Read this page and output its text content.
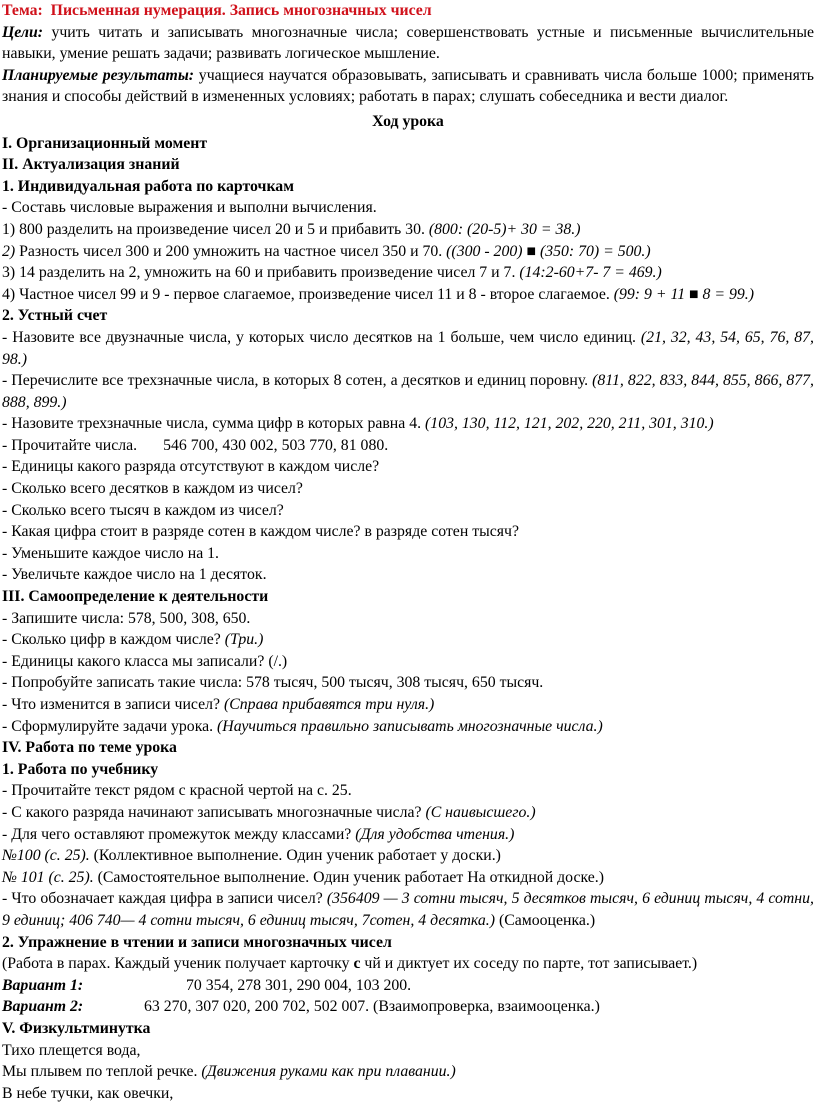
Тема: Письменная нумерация. Запись многозначных чисел

Цели: учить читать и записывать многозначные числа; совершенствовать устные и письменные вычислительные навыки, умение решать задачи; развивать логическое мышление.

Планируемые результаты: учащиеся научатся образовывать, записывать и сравнивать числа больше 1000; применять знания и способы действий в измененных условиях; работать в парах; слушать собеседника и вести диалог.

Ход урока

I. Организационный момент

II. Актуализация знаний

1. Индивидуальная работа по карточкам

- Составь числовые выражения и выполни вычисления.

1) 800 разделить на произведение чисел 20 и 5 и прибавить 30. (800: (20-5)+ 30 = 38.)

2) Разность чисел 300 и 200 умножить на частное чисел 350 и 70. ((300 - 200) ■ (350: 70) = 500.)

3) 14 разделить на 2, умножить на 60 и прибавить произведение чисел 7 и 7. (14:2-60+7- 7 = 469.)

4) Частное чисел 99 и 9 - первое слагаемое, произведение чисел 11 и 8 - второе слагаемое. (99: 9 + 11 ■ 8 = 99.)

2. Устный счет

- Назовите все двузначные числа, у которых число десятков на 1 больше, чем число единиц. (21, 32, 43, 54, 65, 76, 87, 98.)

- Перечислите все трехзначные числа, в которых 8 сотен, а десятков и единиц поровну. (811, 822, 833, 844, 855, 866, 877, 888, 899.)

- Назовите трехзначные числа, сумма цифр в которых равна 4. (103, 130, 112, 121, 202, 220, 211, 301, 310.)

- Прочитайте числа. 546 700, 430 002, 503 770, 81 080.

- Единицы какого разряда отсутствуют в каждом числе?

- Сколько всего десятков в каждом из чисел?

- Сколько всего тысяч в каждом из чисел?

- Какая цифра стоит в разряде сотен в каждом числе? в разряде сотен тысяч?

- Уменьшите каждое число на 1.

- Увеличьте каждое число на 1 десяток.

III. Самоопределение к деятельности

- Запишите числа: 578, 500, 308, 650.

- Сколько цифр в каждом числе? (Три.)

- Единицы какого класса мы записали? (/.)

- Попробуйте записать такие числа: 578 тысяч, 500 тысяч, 308 тысяч, 650 тысяч.

- Что изменится в записи чисел? (Справа прибавятся три нуля.)

- Сформулируйте задачи урока. (Научиться правильно записывать многозначные числа.)

IV. Работа по теме урока

1. Работа по учебнику

- Прочитайте текст рядом с красной чертой на с. 25.

- С какого разряда начинают записывать многозначные числа? (С наивысшего.)

- Для чего оставляют промежуток между классами? (Для удобства чтения.)

№100 (с. 25). (Коллективное выполнение. Один ученик работает у доски.)

№ 101 (с. 25). (Самостоятельное выполнение. Один ученик работает На откидной доске.)

- Что обозначает каждая цифра в записи чисел? (356409 — 3 сотни тысяч, 5 десятков тысяч, 6 единиц тысяч, 4 сотни, 9 единиц; 406 740— 4 сотни тысяч, 6 единиц тысяч, 7сотен, 4 десятка.) (Самооценка.)

2. Упражнение в чтении и записи многозначных чисел

(Работа в парах. Каждый ученик получает карточку с чй и диктует их соседу по парте, тот записывает.)

Вариант 1:	70 354, 278 301, 290 004, 103 200.

Вариант 2:	63 270, 307 020, 200 702, 502 007. (Взаимопроверка, взаимооценка.)

V. Физкультминутка

Тихо плещется вода,

Мы плывем по теплой речке. (Движения руками как при плавании.)

В небе тучки, как овечки,
